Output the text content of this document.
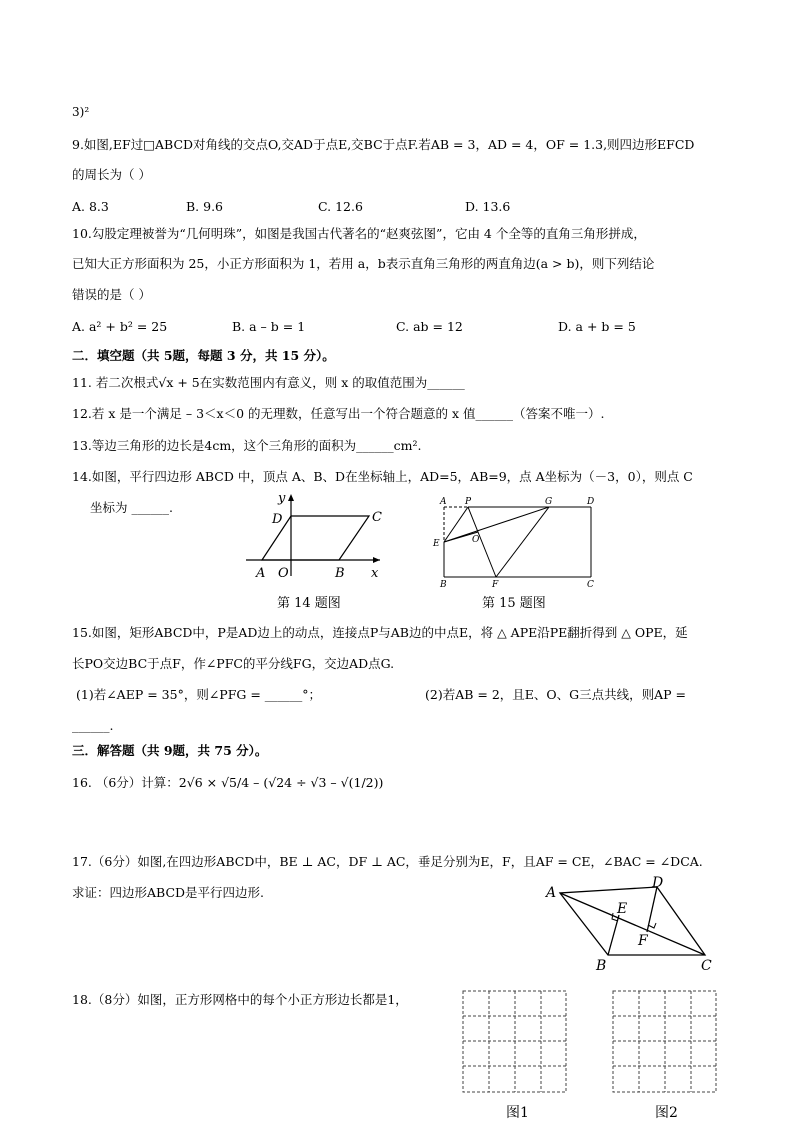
3)²
9.如图,EF过□ABCD对角线的交点O,交AD于点E,交BC于点F.若AB = 3，AD = 4，OF = 1.3,则四边形EFCD
的周长为（ ）
A. 8.3	B. 9.6	C. 12.6	D. 13.6
10.勾股定理被誉为“几何明珠”，如图是我国古代著名的“赵爽弦图”，它由 4 个全等的直角三角形拼成，
已知大正方形面积为 25，小正方形面积为 1，若用 a，b表示直角三角形的两直角边(a > b)，则下列结论
错误的是（ ）
A. a² + b² = 25	B. a – b = 1	C. ab = 12	D. a + b = 5
二．填空题（共 5题，每题 3 分，共 15 分）。
11. 若二次根式√x + 5在实数范围内有意义，则 x 的取值范围为______
12.若 x 是一个满足 – 3＜x＜0 的无理数，任意写出一个符合题意的 x 值______（答案不唯一）.
13.等边三角形的边长是4cm，这个三角形的面积为______cm².
14.如图，平行四边形 ABCD 中，顶点 A、B、D在坐标轴上，AD=5，AB=9，点 A坐标为（－3，0），则点 C
坐标为 ______.
A O	B x
D	C
y
第 14 题图
A P	G	D
E	O
B	F	C
第 15 题图
15.如图，矩形ABCD中，P是AD边上的动点，连接点P与AB边的中点E，将 △ APE沿PE翻折得到 △ OPE，延
长PO交边BC于点F，作∠PFC的平分线FG，交边AD点G.
(1)若∠AEP = 35°，则∠PFG = ______°；	(2)若AB = 2，且E、O、G三点共线，则AP =
______.
三．解答题（共 9题，共 75 分）。
16. （6分）计算：2√6 × √5/4 – (√24 ÷ √3 – √(1/2))
17.（6分）如图,在四边形ABCD中，BE ⊥ AC，DF ⊥ AC，垂足分别为E，F，且AF = CE，∠BAC = ∠DCA.
求证：四边形ABCD是平行四边形.	A
D
E
F
B	C
18.（8分）如图，正方形网格中的每个小正方形边长都是1，
图1	图2
